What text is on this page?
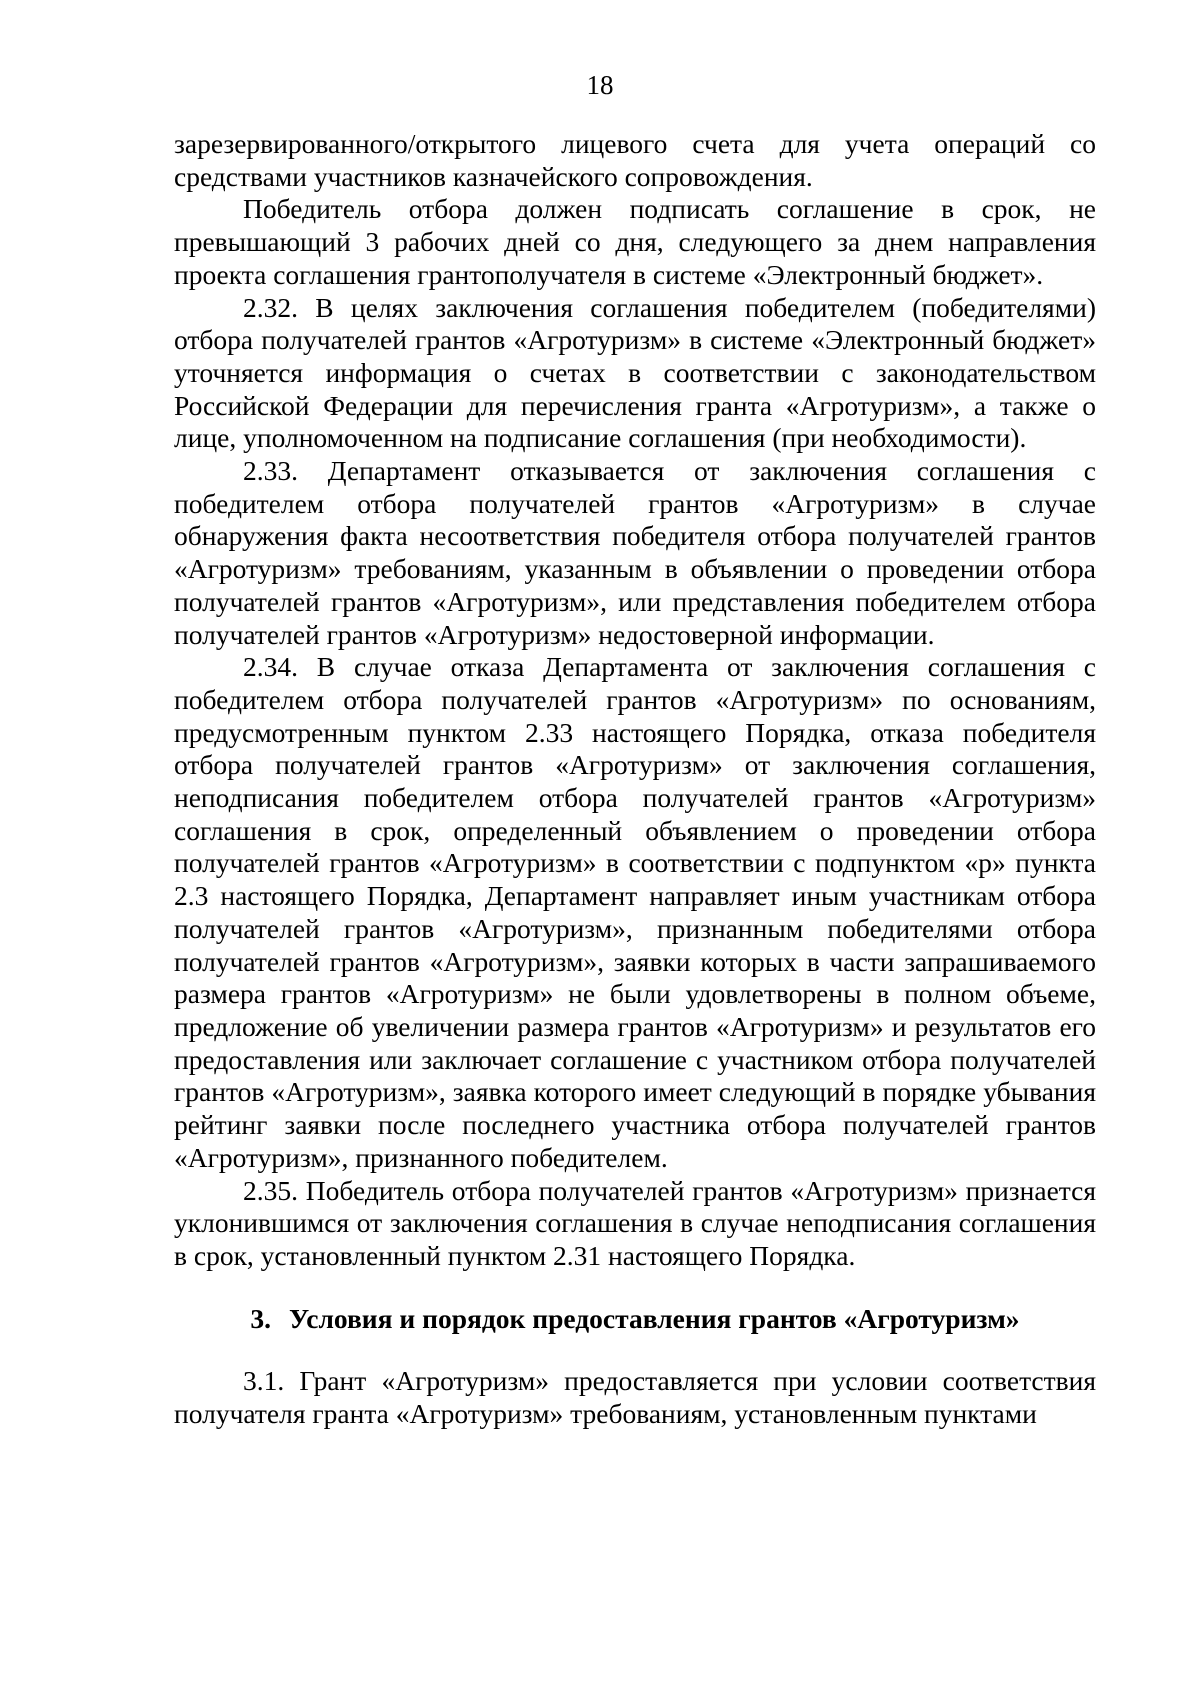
18

зарезервированного/открытого лицевого счета для учета операций со средствами участников казначейского сопровождения.

Победитель отбора должен подписать соглашение в срок, не превышающий 3 рабочих дней со дня, следующего за днем направления проекта соглашения грантополучателя в системе «Электронный бюджет».

2.32. В целях заключения соглашения победителем (победителями) отбора получателей грантов «Агротуризм» в системе «Электронный бюджет» уточняется информация о счетах в соответствии с законодательством Российской Федерации для перечисления гранта «Агротуризм», а также о лице, уполномоченном на подписание соглашения (при необходимости).

2.33. Департамент отказывается от заключения соглашения с победителем отбора получателей грантов «Агротуризм» в случае обнаружения факта несоответствия победителя отбора получателей грантов «Агротуризм» требованиям, указанным в объявлении о проведении отбора получателей грантов «Агротуризм», или представления победителем отбора получателей грантов «Агротуризм» недостоверной информации.

2.34. В случае отказа Департамента от заключения соглашения с победителем отбора получателей грантов «Агротуризм» по основаниям, предусмотренным пунктом 2.33 настоящего Порядка, отказа победителя отбора получателей грантов «Агротуризм» от заключения соглашения, неподписания победителем отбора получателей грантов «Агротуризм» соглашения в срок, определенный объявлением о проведении отбора получателей грантов «Агротуризм» в соответствии с подпунктом «р» пункта 2.3 настоящего Порядка, Департамент направляет иным участникам отбора получателей грантов «Агротуризм», признанным победителями отбора получателей грантов «Агротуризм», заявки которых в части запрашиваемого размера грантов «Агротуризм» не были удовлетворены в полном объеме, предложение об увеличении размера грантов «Агротуризм» и результатов его предоставления или заключает соглашение с участником отбора получателей грантов «Агротуризм», заявка которого имеет следующий в порядке убывания рейтинг заявки после последнего участника отбора получателей грантов «Агротуризм», признанного победителем.

2.35. Победитель отбора получателей грантов «Агротуризм» признается уклонившимся от заключения соглашения в случае неподписания соглашения в срок, установленный пунктом 2.31 настоящего Порядка.

3. Условия и порядок предоставления грантов «Агротуризм»

3.1. Грант «Агротуризм» предоставляется при условии соответствия получателя гранта «Агротуризм» требованиям, установленным пунктами
